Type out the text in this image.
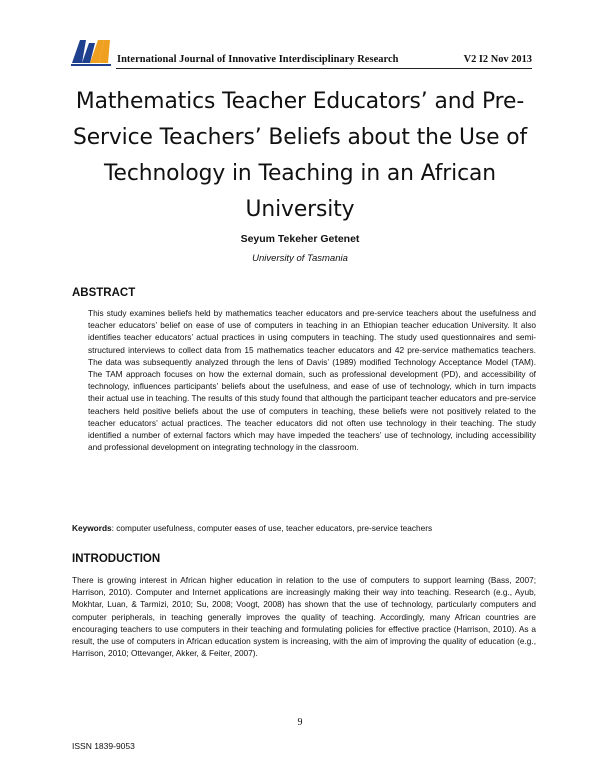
International Journal of Innovative Interdisciplinary Research	V2 I2 Nov 2013
Mathematics Teacher Educators’ and Pre-Service Teachers’ Beliefs about the Use of Technology in Teaching in an African University
Seyum Tekeher Getenet
University of Tasmania
ABSTRACT

This study examines beliefs held by mathematics teacher educators and pre-service teachers about the usefulness and teacher educators’ belief on ease of use of computers in teaching in an Ethiopian teacher education University. It also identifies teacher educators’ actual practices in using computers in teaching. The study used questionnaires and semi-structured interviews to collect data from 15 mathematics teacher educators and 42 pre-service mathematics teachers. The data was subsequently analyzed through the lens of Davis’ (1989) modified Technology Acceptance Model (TAM). The TAM approach focuses on how the external domain, such as professional development (PD), and accessibility of technology, influences participants’ beliefs about the usefulness, and ease of use of technology, which in turn impacts their actual use in teaching. The results of this study found that although the participant teacher educators and pre-service teachers held positive beliefs about the use of computers in teaching, these beliefs were not positively related to the teacher educators’ actual practices. The teacher educators did not often use technology in their teaching. The study identified a number of external factors which may have impeded the teachers’ use of technology, including accessibility and professional development on integrating technology in the classroom.

Keywords: computer usefulness, computer eases of use, teacher educators, pre-service teachers

INTRODUCTION

There is growing interest in African higher education in relation to the use of computers to support learning (Bass, 2007; Harrison, 2010). Computer and Internet applications are increasingly making their way into teaching. Research (e.g., Ayub, Mokhtar, Luan, & Tarmizi, 2010; Su, 2008; Voogt, 2008) has shown that the use of technology, particularly computers and computer peripherals, in teaching generally improves the quality of teaching. Accordingly, many African countries are encouraging teachers to use computers in their teaching and formulating policies for effective practice (Harrison, 2010). As a result, the use of computers in African education system is increasing, with the aim of improving the quality of education (e.g., Harrison, 2010; Ottevanger, Akker, & Feiter, 2007).

9
ISSN 1839-9053
